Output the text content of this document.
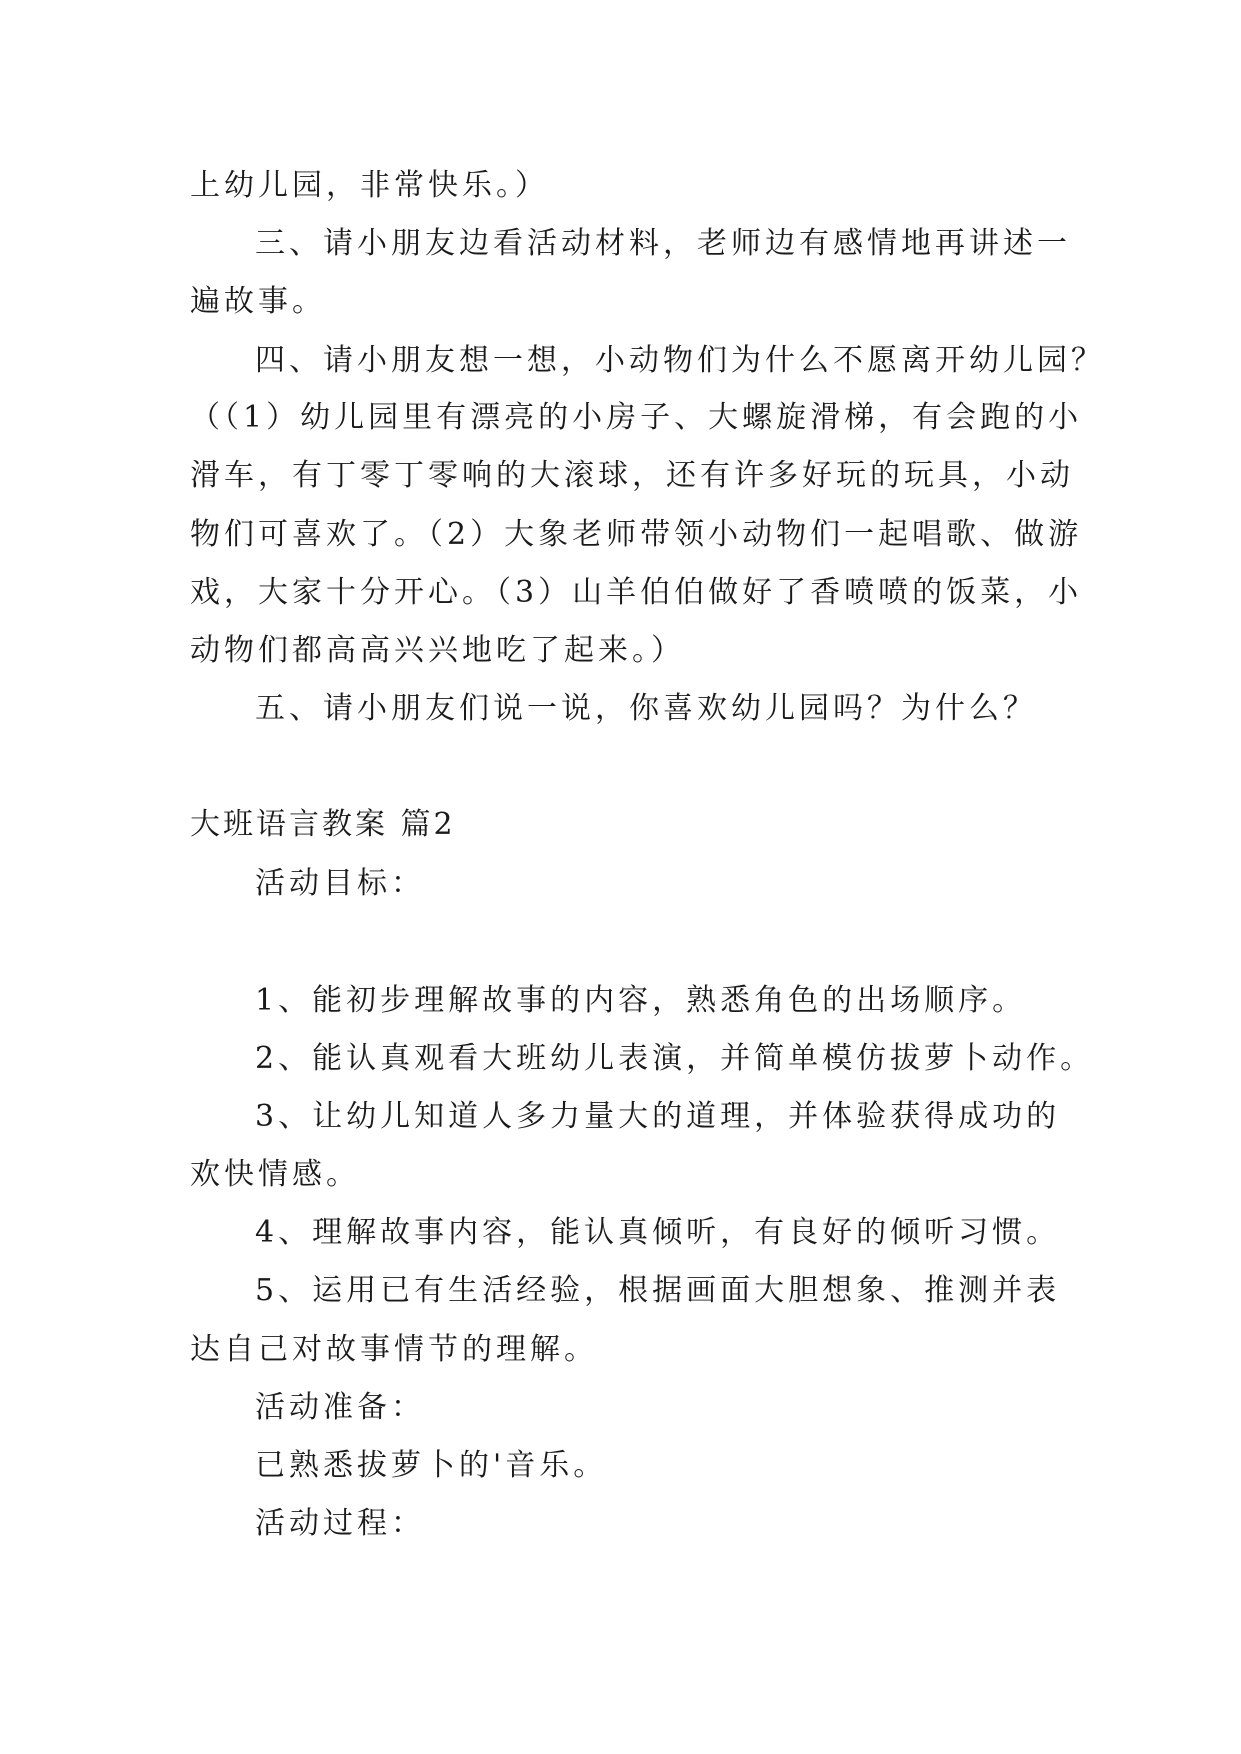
上幼儿园，非常快乐。）
三、请小朋友边看活动材料，老师边有感情地再讲述一
遍故事。
四、请小朋友想一想，小动物们为什么不愿离开幼儿园？
（（1）幼儿园里有漂亮的小房子、大螺旋滑梯，有会跑的小
滑车，有丁零丁零响的大滚球，还有许多好玩的玩具，小动
物们可喜欢了。（2）大象老师带领小动物们一起唱歌、做游
戏，大家十分开心。（3）山羊伯伯做好了香喷喷的饭菜，小
动物们都高高兴兴地吃了起来。）
五、请小朋友们说一说，你喜欢幼儿园吗？为什么？
大班语言教案 篇2
活动目标：
1、能初步理解故事的内容，熟悉角色的出场顺序。
2、能认真观看大班幼儿表演，并简单模仿拔萝卜动作。
3、让幼儿知道人多力量大的道理，并体验获得成功的
欢快情感。
4、理解故事内容，能认真倾听，有良好的倾听习惯。
5、运用已有生活经验，根据画面大胆想象、推测并表
达自己对故事情节的理解。
活动准备：
已熟悉拔萝卜的'音乐。
活动过程：
